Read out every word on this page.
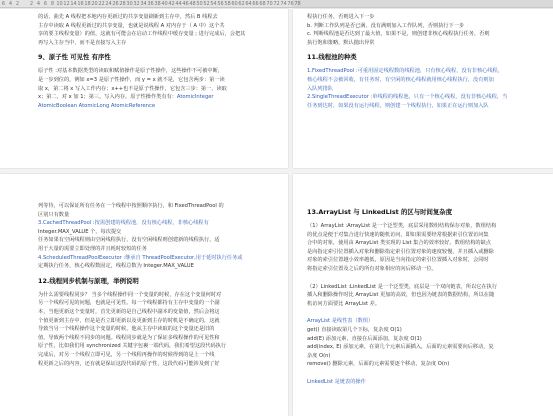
6 4 2 2 4 6 8 1012141618202224262830323436384042444648505254565860626466687072747678
的话，曲先 A 线程把本地内存更新过的共享变量刷新到主存中，然后 B 线程去
主存中读取 A 线程更新过的共享变量，也就是说线程 A 对内存于（ A 中）这个共
享的要主线程变量）的值，这就有可能会在启动工作线程中缓存变量 ; 进行完成后，会把其
再写入主存当中，而不是直接写入主存
9、原子性 可见性 有序性
原子性 :对基本数据类型的读取和赋值操作是原子性操作，这些操作不可被中断，
是一步到位的，例如 x=3 是原子性操作，而 y = x 就不是，它包含两步：第一读
取 x，第二将 x 写入工作内存；x++也不是原子性操作，它包含三步：第一，读取
x；第二，对 x 加 1；第三，写入内存。原子性操作类有有：AtomicInteger
AtomicBoolean AtomicLong AtomicReference
程执行任务，否则进入下一步
b. 判断工作队列是否已满，没有满则加入工作队列，否则执行下一步
c. 判断线程池是否达到了最大值，如果不是，则创建非核心线程执行任务，否则
执行饱和策略，默认抛出异常
11.线程池的种类
1.FixedThreadPool :可重用固定线程数的线程池，只有核心线程，没有非核心线程，
核心线程不会被回收，有任务时，有空闲的核心线程就用核心线程执行，没有则加
入队列排队
2.SingleThreadExecutor :单线程的线程池，只有一个核心线程，没有非核心线程，当
任务到达时，如果没有运行线程，则创建一个线程执行，如果正在运行则加入队
列等待，可以保证所有任务在一个线程中按照顺序执行，和 FixedThreadPool 的
区别只有数量
3.CachedThreadPool :按需创建的线程池，没有核心线程，非核心线程有
Integer.MAX_VALUE 个，每次提交
任务如果有空闲线程则由空闲线程执行，没有空闲线程则创建新的线程执行，适
用于大量的需要立即处理的并且耗时较短的任务
4.ScheduledThreadPoolExecutor :继承自 ThreadPoolExecutor,用于延时执行任务或
定期执行任务，核心线程数固定，线程总数为 Integer.MAX_VALUE
12.线程同步机制与原理，举例说明
为什么需要线程同步？ 当多个线程操作同一个变量的时候，存在这个变量何时对
另一个线程可见的问题，也就是可见性。每一个线程都持有主存中变量的一个副
本，当他更新这个变量时，首先更新的是自己线程中副本的变量值，然后会将这
个值更新到主存中，但是是否立即更新以及更新到主存的时机是不确定的，这就
导致当另一个线程操作这个变量的时候，他从主存中读取的这个变量还是旧的
值，导致两个线程不同步的问题。线程同步就是为了保证多线程操作的可见性和
原子性，比如我们用 synchronized 关键字包裹一端代码，我们希望这段代码执行
完成后，对另一个线程立即可见，另一个线程再操作的时候得到的是上一个线
程更新之后的内容，还有就是保证这段代码的原子性，这段代码可能涉及到了好
13.ArrayList 与 LinkedList 的区与时间复杂度
（1）ArrayList :ArrayList 是一个泛型类，底层采用数组结构保存对象，数组结构
的优点是便于对集合进行快速的随机访问，即如果需要经常根据索引位置访问集
合中的对象，使用由 ArrayList 类实现的 List 集合的效率较好。数组结构的缺点
是向指定索引位置插入对象和删除指定索引位置对象的速度较慢，并且插入或删除
对象的索引位置越小效率越低，原因是当向指定的索引位置插入对象时，会同时
将指定索引位置及之后的所有对象相应的向后移动一位。
（2）LinkedList :LinkedList 是一个泛型类，底层是一个双向链表，所以它在执行
插入和删除操作时比 ArrayList 更加的高效，但也因为链表的数据结构，所以在随
机访问方面要比 ArrayList 差。
ArrayList 是线性表（数组）
get() 直接读取第几个下标，复杂度 O(1)
add(E) 添加元素，直接在后面添加，复杂度 O(1)
add(index, E) 添加元素，在第几个元素后面插入，后面的元素需要向后移动，复
杂度 O(n)
remove() 删除元素，后面的元素需要逐个移动，复杂度 O(n)
LinkedList 是链表的操作
